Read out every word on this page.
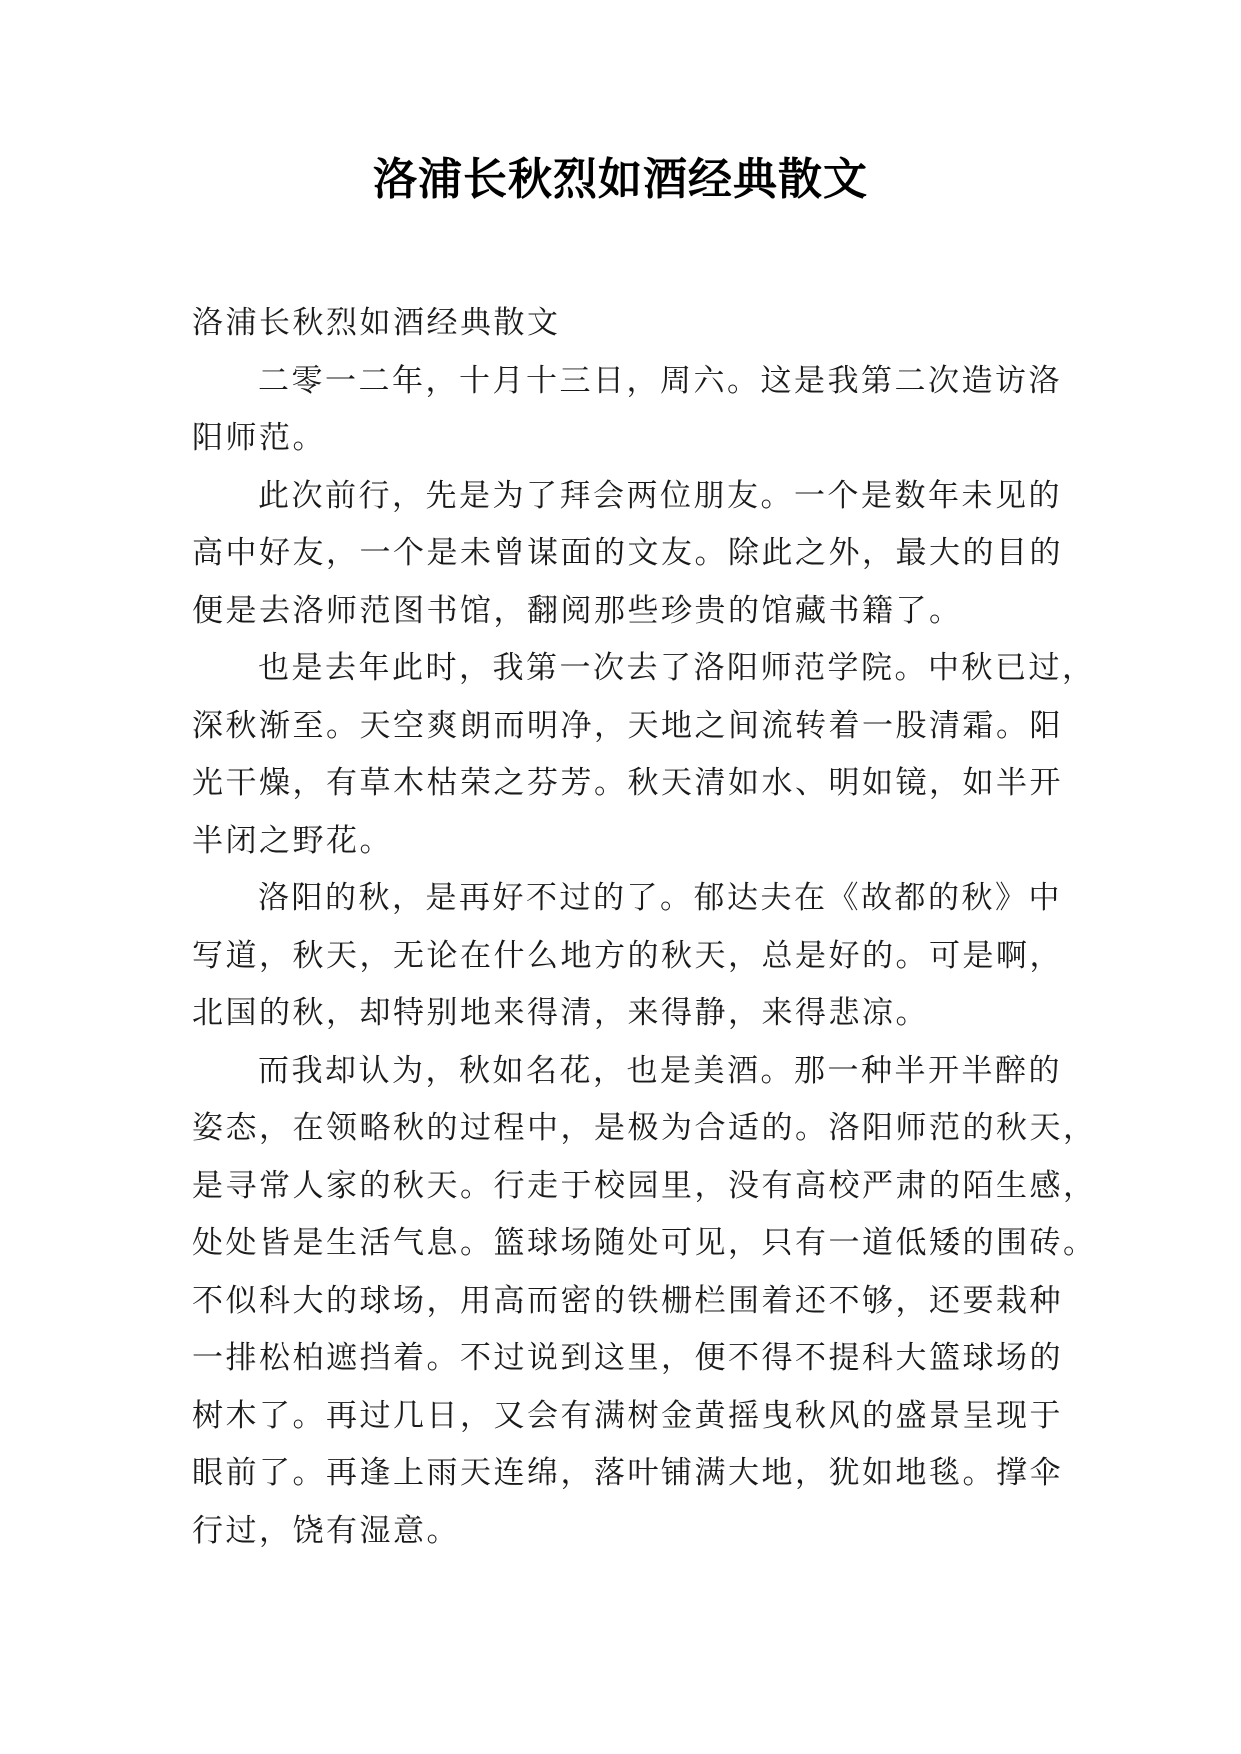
洛浦长秋烈如酒经典散文
洛浦长秋烈如酒经典散文
二零一二年，十月十三日，周六。这是我第二次造访洛
阳师范。
此次前行，先是为了拜会两位朋友。一个是数年未见的
高中好友，一个是未曾谋面的文友。除此之外，最大的目的
便是去洛师范图书馆，翻阅那些珍贵的馆藏书籍了。
也是去年此时，我第一次去了洛阳师范学院。中秋已过，
深秋渐至。天空爽朗而明净，天地之间流转着一股清霜。阳
光干燥，有草木枯荣之芬芳。秋天清如水、明如镜，如半开
半闭之野花。
洛阳的秋，是再好不过的了。郁达夫在《故都的秋》中
写道，秋天，无论在什么地方的秋天，总是好的。可是啊，
北国的秋，却特别地来得清，来得静，来得悲凉。
而我却认为，秋如名花，也是美酒。那一种半开半醉的
姿态，在领略秋的过程中，是极为合适的。洛阳师范的秋天，
是寻常人家的秋天。行走于校园里，没有高校严肃的陌生感，
处处皆是生活气息。篮球场随处可见，只有一道低矮的围砖。
不似科大的球场，用高而密的铁栅栏围着还不够，还要栽种
一排松柏遮挡着。不过说到这里，便不得不提科大篮球场的
树木了。再过几日，又会有满树金黄摇曳秋风的盛景呈现于
眼前了。再逢上雨天连绵，落叶铺满大地，犹如地毯。撑伞
行过，饶有湿意。
